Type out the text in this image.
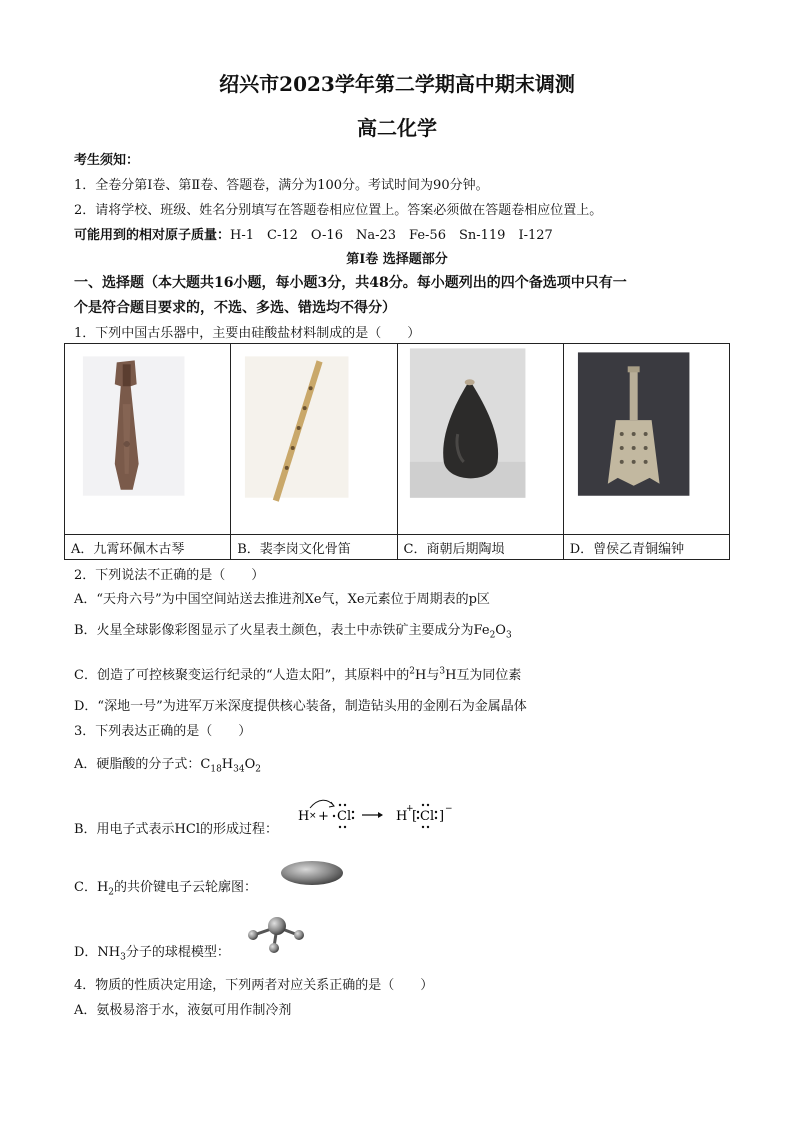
绍兴市2023学年第二学期高中期末调测
高二化学
考生须知：
1．全卷分第Ⅰ卷、第Ⅱ卷、答题卷，满分为100分。考试时间为90分钟。
2．请将学校、班级、姓名分别填写在答题卷相应位置上。答案必须做在答题卷相应位置上。
可能用到的相对原子质量：H-1　C-12　O-16　Na-23　Fe-56　Sn-119　I-127
第Ⅰ卷 选择题部分
一、选择题（本大题共16小题，每小题3分，共48分。每小题列出的四个备选项中只有一
个是符合题目要求的，不选、多选、错选均不得分）
1．下列中国古乐器中，主要由硅酸盐材料制成的是（　　）

A．九霄环佩木古琴	B．裴李岗文化骨笛	C．商朝后期陶埙	D．曾侯乙青铜编钟
2．下列说法不正确的是（　　）
A．“天舟六号”为中国空间站送去推进剂Xe气，Xe元素位于周期表的p区
B．火星全球影像彩图显示了火星表土颜色，表土中赤铁矿主要成分为$Fe_2O_3$
C．创造了可控核聚变运行纪录的“人造太阳”，其原料中的$^2$H与$^3$H互为同位素
D．“深地一号”为进军万米深度提供核心装备，制造钻头用的金刚石为金属晶体
3．下列表达正确的是（　　）
A．硬脂酸的分子式：$C_{18}H_{34}O_2$
B．用电子式表示HCl的形成过程：
H × + Cl	H
+
[ Cl ] −
C．$H_2$的共价键电子云轮廓图：
D．$NH_3$分子的球棍模型：
4．物质的性质决定用途，下列两者对应关系正确的是（　　）
A．氨极易溶于水，液氨可用作制冷剂
